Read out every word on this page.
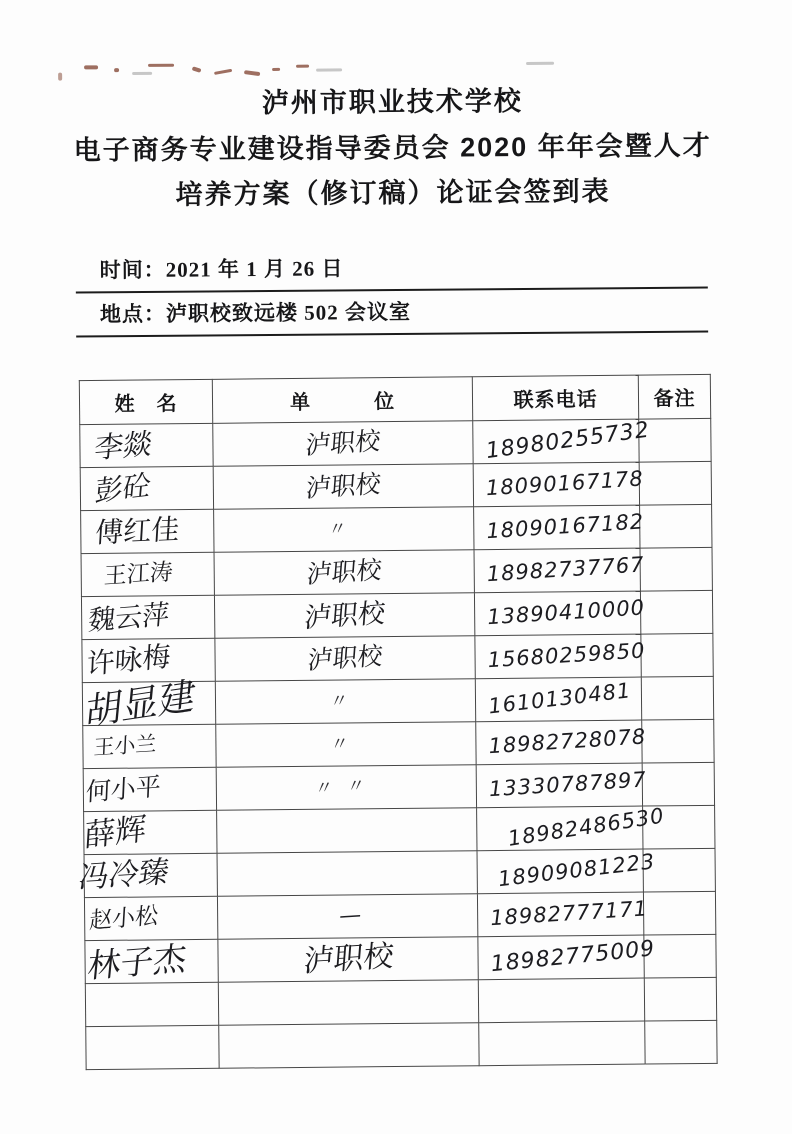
泸州市职业技术学校
电子商务专业建设指导委员会 2020 年年会暨人才
培养方案（修订稿）论证会签到表
时间：2021 年 1 月 26 日
地点：泸职校致远楼 502 会议室
姓　名	单　　　位	联系电话	备注
李燚	泸职校	18980255732	
彭砼	泸职校	18090167178	
傅红佳	〃	18090167182	
王江涛	泸职校	18982737767	
魏云萍	泸职校	13890410000	
许咏梅	泸职校	15680259850	
胡显建	〃	1610130481	
王小兰	〃	18982728078	
何小平	〃〃	13330787897	
薛辉		18982486530	
冯冷臻		18909081223	
赵小松	—	18982777171	
林子杰	泸职校	18982775009	
